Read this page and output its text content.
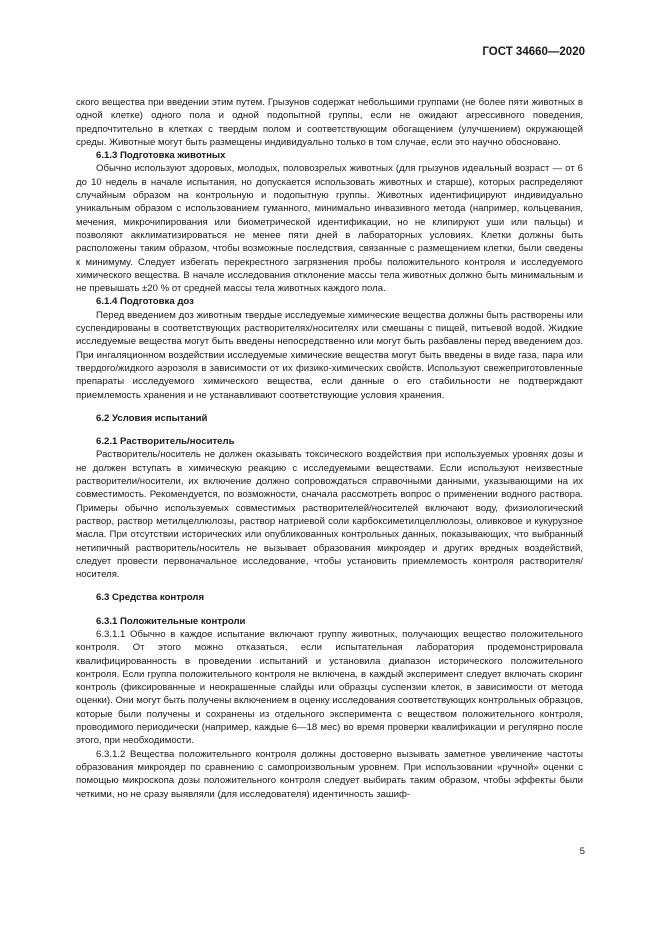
ГОСТ 34660—2020

ского вещества при введении этим путем. Грызунов содержат небольшими группами (не более пяти животных в одной клетке) одного пола и одной подопытной группы, если не ожидают агрессивного поведения, предпочтительно в клетках с твердым полом и соответствующим обогащением (улучшением) окружающей среды. Животные могут быть размещены индивидуально только в том случае, если это научно обосновано.

6.1.3 Подготовка животных

Обычно используют здоровых, молодых, половозрелых животных (для грызунов идеальный возраст — от 6 до 10 недель в начале испытания, но допускается использовать животных и старше), которых распределяют случайным образом на контрольную и подопытную группы. Животных идентифицируют индивидуально уникальным образом с использованием гуманного, минимально инвазивного метода (например, кольцевания, мечения, микрочипирования или биометрической идентификации, но не клипируют уши или пальцы) и позволяют акклиматизироваться не менее пяти дней в лабораторных условиях. Клетки должны быть расположены таким образом, чтобы возможные последствия, связанные с размещением клетки, были сведены к минимуму. Следует избегать перекрестного загрязнения пробы положительного контроля и исследуемого химического вещества. В начале исследования отклонение массы тела животных должно быть минимальным и не превышать ±20 % от средней массы тела животных каждого пола.

6.1.4 Подготовка доз

Перед введением доз животным твердые исследуемые химические вещества должны быть растворены или суспендированы в соответствующих растворителях/носителях или смешаны с пищей, питьевой водой. Жидкие исследуемые вещества могут быть введены непосредственно или могут быть разбавлены перед введением доз. При ингаляционном воздействии исследуемые химические вещества могут быть введены в виде газа, пара или твердого/жидкого аэрозоля в зависимости от их физико-химических свойств. Используют свежеприготовленные препараты исследуемого химического вещества, если данные о его стабильности не подтверждают приемлемость хранения и не устанавливают соответствующие условия хранения.

6.2 Условия испытаний

6.2.1 Растворитель/носитель

Растворитель/носитель не должен оказывать токсического воздействия при используемых уровнях дозы и не должен вступать в химическую реакцию с исследуемыми веществами. Если используют неизвестные растворители/носители, их включение должно сопровождаться справочными данными, указывающими на их совместимость. Рекомендуется, по возможности, сначала рассмотреть вопрос о применении водного раствора. Примеры обычно используемых совместимых растворителей/носителей включают воду, физиологический раствор, раствор метилцеллюлозы, раствор натриевой соли карбоксиметилцеллюлозы, оливковое и кукурузное масла. При отсутствии исторических или опубликованных контрольных данных, показывающих, что выбранный нетипичный растворитель/носитель не вызывает образования микроядер и других вредных воздействий, следует провести первоначальное исследование, чтобы установить приемлемость контроля растворителя/носителя.

6.3 Средства контроля

6.3.1 Положительные контроли

6.3.1.1 Обычно в каждое испытание включают группу животных, получающих вещество положительного контроля. От этого можно отказаться, если испытательная лаборатория продемонстрировала квалифицированность в проведении испытаний и установила диапазон исторического положительного контроля. Если группа положительного контроля не включена, в каждый эксперимент следует включать скоринг контроль (фиксированные и неокрашенные слайды или образцы суспензии клеток, в зависимости от метода оценки). Они могут быть получены включением в оценку исследования соответствующих контрольных образцов, которые были получены и сохранены из отдельного эксперимента с веществом положительного контроля, проводимого периодически (например, каждые 6—18 мес) во время проверки квалификации и регулярно после этого, при необходимости.

6.3.1.2 Вещества положительного контроля должны достоверно вызывать заметное увеличение частоты образования микроядер по сравнению с самопроизвольным уровнем. При использовании «ручной» оценки с помощью микроскопа дозы положительного контроля следует выбирать таким образом, чтобы эффекты были четкими, но не сразу выявляли (для исследователя) идентичность зашиф-

5
